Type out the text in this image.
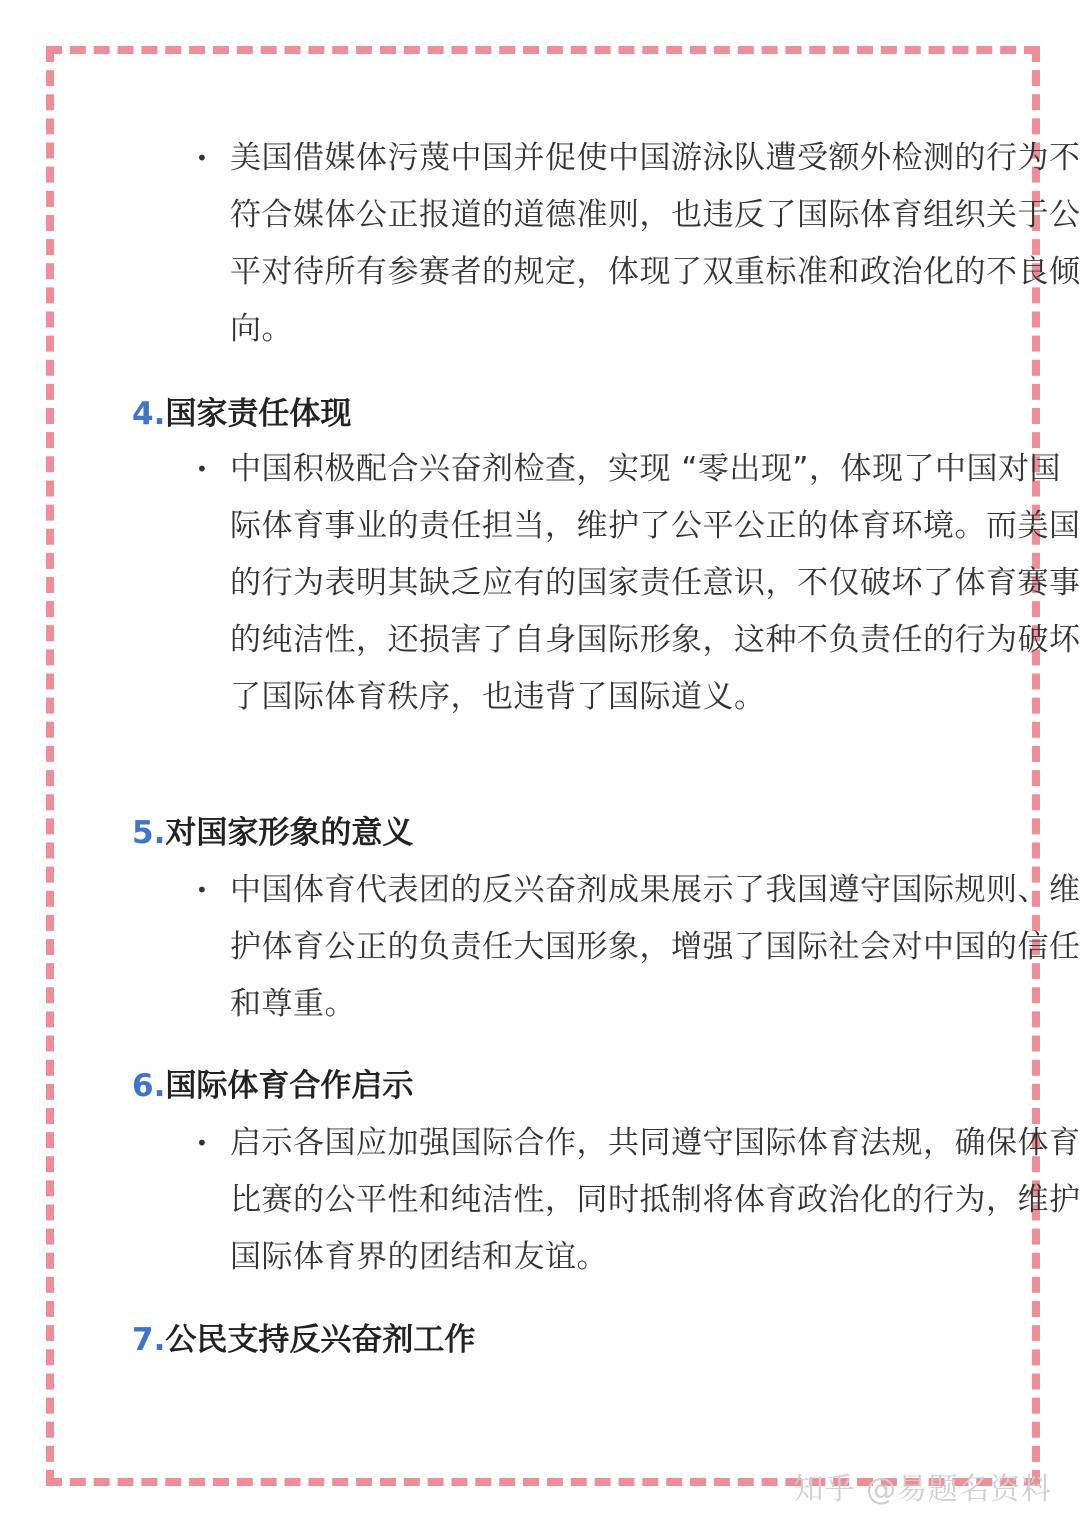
• 美国借媒体污蔑中国并促使中国游泳队遭受额外检测的行为不符合媒体公正报道的道德准则，也违反了国际体育组织关于公平对待所有参赛者的规定，体现了双重标准和政治化的不良倾向。
4.国家责任体现
• 中国积极配合兴奋剂检查，实现 “零出现”，体现了中国对国际体育事业的责任担当，维护了公平公正的体育环境。而美国的行为表明其缺乏应有的国家责任意识，不仅破坏了体育赛事的纯洁性，还损害了自身国际形象，这种不负责任的行为破坏了国际体育秩序，也违背了国际道义。
5.对国家形象的意义
• 中国体育代表团的反兴奋剂成果展示了我国遵守国际规则、维护体育公正的负责任大国形象，增强了国际社会对中国的信任和尊重。
6.国际体育合作启示
• 启示各国应加强国际合作，共同遵守国际体育法规，确保体育比赛的公平性和纯洁性，同时抵制将体育政治化的行为，维护国际体育界的团结和友谊。
7.公民支持反兴奋剂工作
知乎 @易题名资料
